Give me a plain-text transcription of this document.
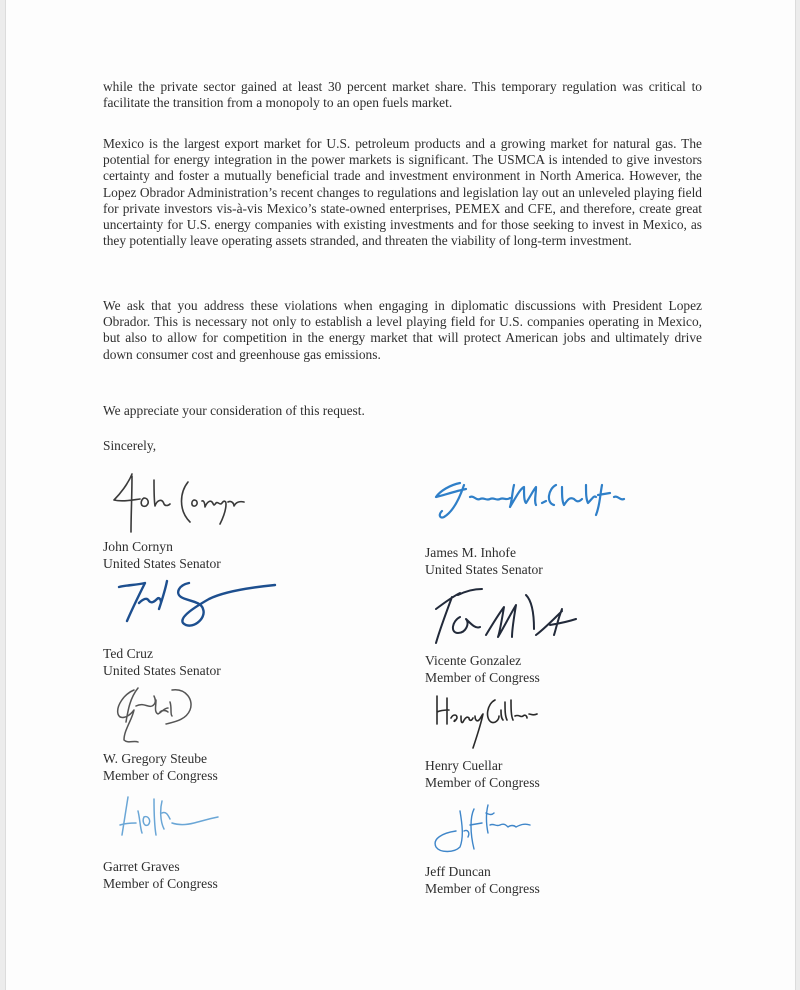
while the private sector gained at least 30 percent market share. This temporary regulation was critical to facilitate the transition from a monopoly to an open fuels market.

Mexico is the largest export market for U.S. petroleum products and a growing market for natural gas. The potential for energy integration in the power markets is significant. The USMCA is intended to give investors certainty and foster a mutually beneficial trade and investment environment in North America. However, the Lopez Obrador Administration’s recent changes to regulations and legislation lay out an unleveled playing field for private investors vis-à-vis Mexico’s state-owned enterprises, PEMEX and CFE, and therefore, create great uncertainty for U.S. energy companies with existing investments and for those seeking to invest in Mexico, as they potentially leave operating assets stranded, and threaten the viability of long-term investment.

We ask that you address these violations when engaging in diplomatic discussions with President Lopez Obrador. This is necessary not only to establish a level playing field for U.S. companies operating in Mexico, but also to allow for competition in the energy market that will protect American jobs and ultimately drive down consumer cost and greenhouse gas emissions.

We appreciate your consideration of this request.

Sincerely,

John Cornyn
United States Senator
James M. Inhofe
United States Senator
Ted Cruz
United States Senator
Vicente Gonzalez
Member of Congress
W. Gregory Steube
Member of Congress
Henry Cuellar
Member of Congress
Garret Graves
Member of Congress
Jeff Duncan
Member of Congress
